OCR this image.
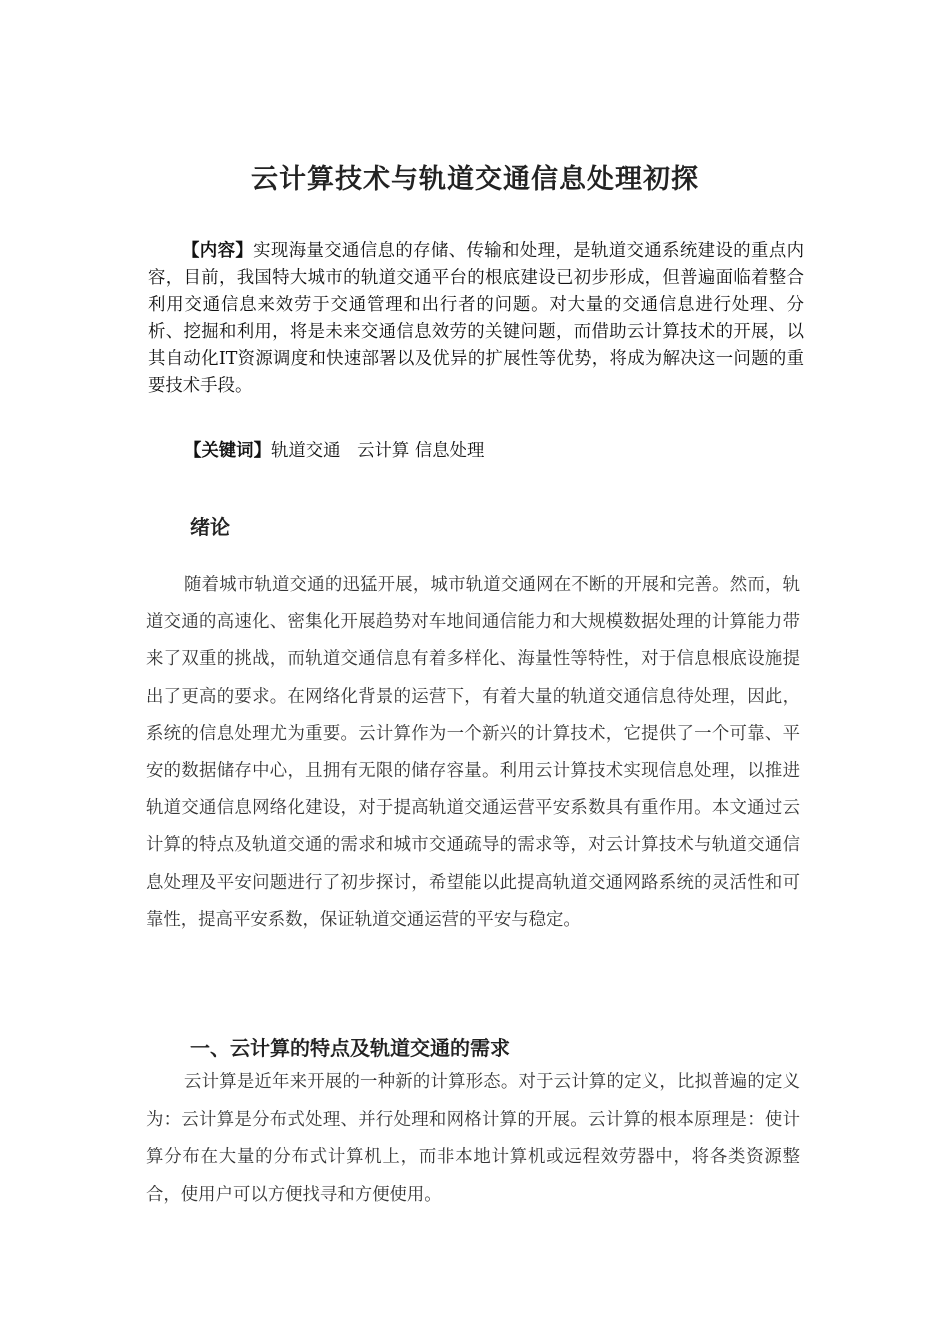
云计算技术与轨道交通信息处理初探
【内容】实现海量交通信息的存储、传输和处理，是轨道交通系统建设的重点内容，目前，我国特大城市的轨道交通平台的根底建设已初步形成，但普遍面临着整合利用交通信息来效劳于交通管理和出行者的问题。对大量的交通信息进行处理、分析、挖掘和利用，将是未来交通信息效劳的关键问题，而借助云计算技术的开展，以其自动化IT资源调度和快速部署以及优异的扩展性等优势，将成为解决这一问题的重要技术手段。
【关键词】轨道交通   云计算 信息处理
绪论
随着城市轨道交通的迅猛开展，城市轨道交通网在不断的开展和完善。然而，轨道交通的高速化、密集化开展趋势对车地间通信能力和大规模数据处理的计算能力带来了双重的挑战，而轨道交通信息有着多样化、海量性等特性，对于信息根底设施提出了更高的要求。在网络化背景的运营下，有着大量的轨道交通信息待处理，因此，系统的信息处理尤为重要。云计算作为一个新兴的计算技术，它提供了一个可靠、平安的数据储存中心，且拥有无限的储存容量。利用云计算技术实现信息处理，以推进轨道交通信息网络化建设，对于提高轨道交通运营平安系数具有重作用。本文通过云计算的特点及轨道交通的需求和城市交通疏导的需求等，对云计算技术与轨道交通信息处理及平安问题进行了初步探讨，希望能以此提高轨道交通网路系统的灵活性和可靠性，提高平安系数，保证轨道交通运营的平安与稳定。
一、云计算的特点及轨道交通的需求
云计算是近年来开展的一种新的计算形态。对于云计算的定义，比拟普遍的定义为：云计算是分布式处理、并行处理和网格计算的开展。云计算的根本原理是：使计算分布在大量的分布式计算机上，而非本地计算机或远程效劳器中，将各类资源整合，使用户可以方便找寻和方便使用。
